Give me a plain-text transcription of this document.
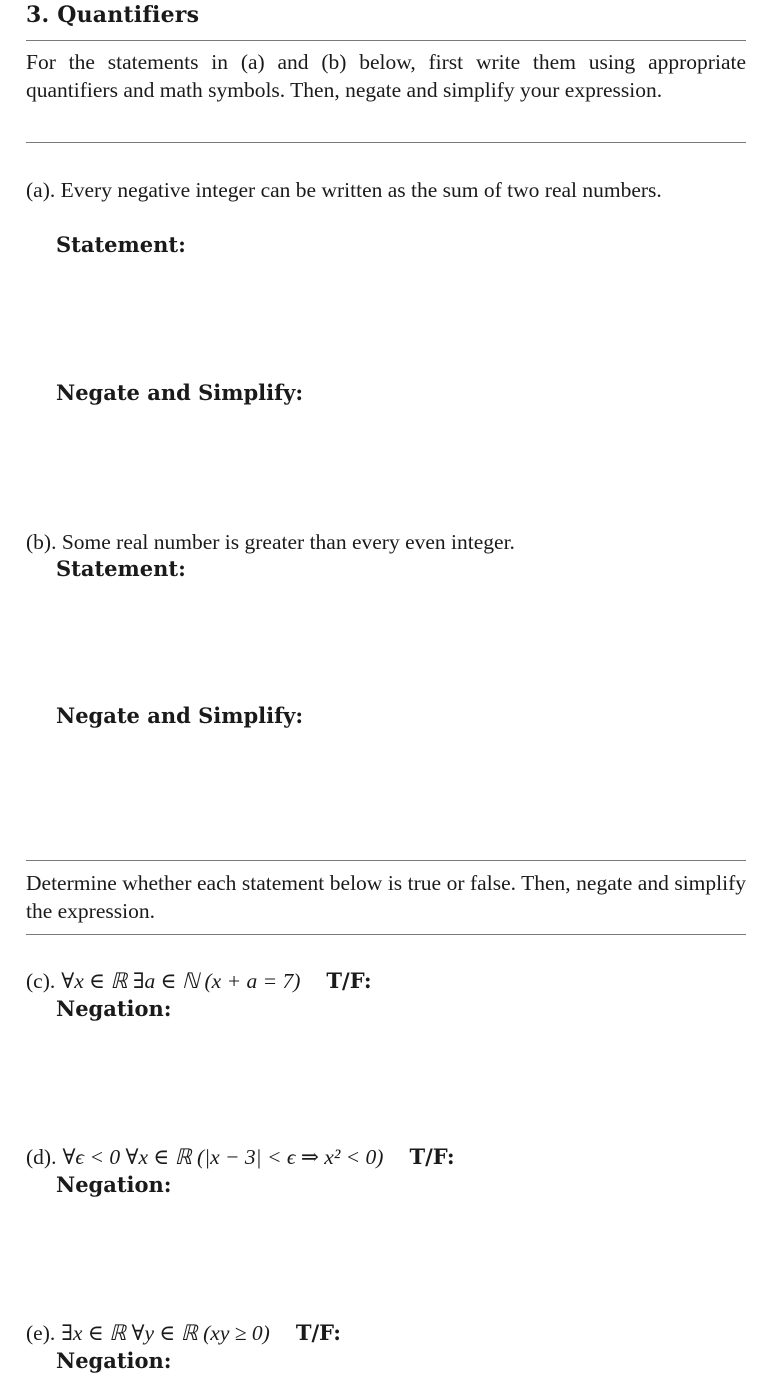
3. Quantifiers
For the statements in (a) and (b) below, first write them using appropriate quantifiers and math symbols. Then, negate and simplify your expression.
(a). Every negative integer can be written as the sum of two real numbers.
Statement:
Negate and Simplify:
(b). Some real number is greater than every even integer.
Statement:
Negate and Simplify:
Determine whether each statement below is true or false. Then, negate and simplify the expression.
(c). ∀x ∈ ℝ ∃a ∈ ℕ (x + a = 7) T/F:
Negation:
(d). ∀ϵ < 0 ∀x ∈ ℝ (|x − 3| < ϵ ⇒ x² < 0) T/F:
Negation:
(e). ∃x ∈ ℝ ∀y ∈ ℝ (xy ≥ 0) T/F:
Negation:
